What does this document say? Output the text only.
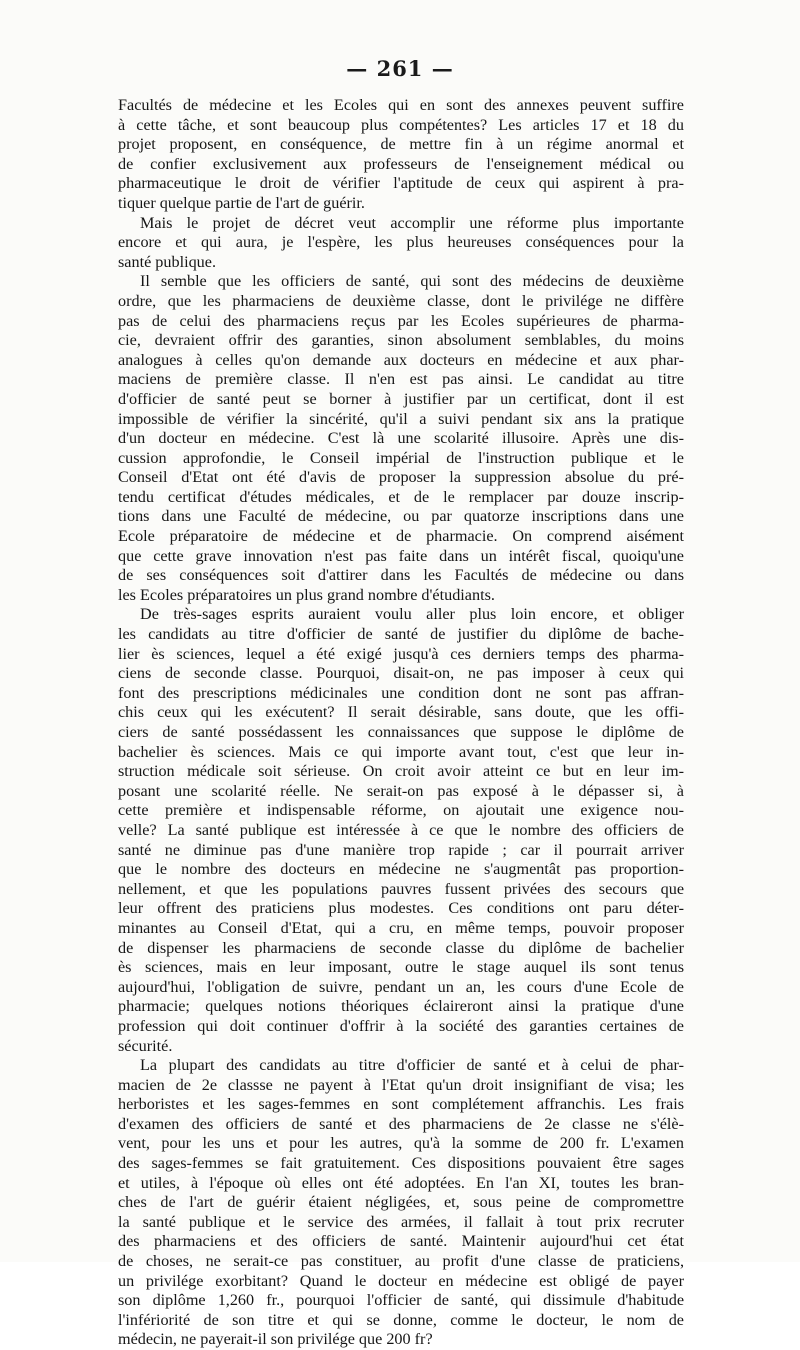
— 261 —
Facultés de médecine et les Ecoles qui en sont des annexes peuvent suffire
à cette tâche, et sont beaucoup plus compétentes? Les articles 17 et 18 du
projet proposent, en conséquence, de mettre fin à un régime anormal et
de confier exclusivement aux professeurs de l'enseignement médical ou
pharmaceutique le droit de vérifier l'aptitude de ceux qui aspirent à pra-
tiquer quelque partie de l'art de guérir.
Mais le projet de décret veut accomplir une réforme plus importante
encore et qui aura, je l'espère, les plus heureuses conséquences pour la
santé publique.
Il semble que les officiers de santé, qui sont des médecins de deuxième
ordre, que les pharmaciens de deuxième classe, dont le privilége ne diffère
pas de celui des pharmaciens reçus par les Ecoles supérieures de pharma-
cie, devraient offrir des garanties, sinon absolument semblables, du moins
analogues à celles qu'on demande aux docteurs en médecine et aux phar-
maciens de première classe. Il n'en est pas ainsi. Le candidat au titre
d'officier de santé peut se borner à justifier par un certificat, dont il est
impossible de vérifier la sincérité, qu'il a suivi pendant six ans la pratique
d'un docteur en médecine. C'est là une scolarité illusoire. Après une dis-
cussion approfondie, le Conseil impérial de l'instruction publique et le
Conseil d'Etat ont été d'avis de proposer la suppression absolue du pré-
tendu certificat d'études médicales, et de le remplacer par douze inscrip-
tions dans une Faculté de médecine, ou par quatorze inscriptions dans une
Ecole préparatoire de médecine et de pharmacie. On comprend aisément
que cette grave innovation n'est pas faite dans un intérêt fiscal, quoiqu'une
de ses conséquences soit d'attirer dans les Facultés de médecine ou dans
les Ecoles préparatoires un plus grand nombre d'étudiants.
De très-sages esprits auraient voulu aller plus loin encore, et obliger
les candidats au titre d'officier de santé de justifier du diplôme de bache-
lier ès sciences, lequel a été exigé jusqu'à ces derniers temps des pharma-
ciens de seconde classe. Pourquoi, disait-on, ne pas imposer à ceux qui
font des prescriptions médicinales une condition dont ne sont pas affran-
chis ceux qui les exécutent? Il serait désirable, sans doute, que les offi-
ciers de santé possédassent les connaissances que suppose le diplôme de
bachelier ès sciences. Mais ce qui importe avant tout, c'est que leur in-
struction médicale soit sérieuse. On croit avoir atteint ce but en leur im-
posant une scolarité réelle. Ne serait-on pas exposé à le dépasser si, à
cette première et indispensable réforme, on ajoutait une exigence nou-
velle? La santé publique est intéressée à ce que le nombre des officiers de
santé ne diminue pas d'une manière trop rapide ; car il pourrait arriver
que le nombre des docteurs en médecine ne s'augmentât pas proportion-
nellement, et que les populations pauvres fussent privées des secours que
leur offrent des praticiens plus modestes. Ces conditions ont paru déter-
minantes au Conseil d'Etat, qui a cru, en même temps, pouvoir proposer
de dispenser les pharmaciens de seconde classe du diplôme de bachelier
ès sciences, mais en leur imposant, outre le stage auquel ils sont tenus
aujourd'hui, l'obligation de suivre, pendant un an, les cours d'une Ecole de
pharmacie; quelques notions théoriques éclaireront ainsi la pratique d'une
profession qui doit continuer d'offrir à la société des garanties certaines de
sécurité.
La plupart des candidats au titre d'officier de santé et à celui de phar-
macien de 2e classse ne payent à l'Etat qu'un droit insignifiant de visa; les
herboristes et les sages-femmes en sont complétement affranchis. Les frais
d'examen des officiers de santé et des pharmaciens de 2e classe ne s'élè-
vent, pour les uns et pour les autres, qu'à la somme de 200 fr. L'examen
des sages-femmes se fait gratuitement. Ces dispositions pouvaient être sages
et utiles, à l'époque où elles ont été adoptées. En l'an XI, toutes les bran-
ches de l'art de guérir étaient négligées, et, sous peine de compromettre
la santé publique et le service des armées, il fallait à tout prix recruter
des pharmaciens et des officiers de santé. Maintenir aujourd'hui cet état
de choses, ne serait-ce pas constituer, au profit d'une classe de praticiens,
un privilége exorbitant? Quand le docteur en médecine est obligé de payer
son diplôme 1,260 fr., pourquoi l'officier de santé, qui dissimule d'habitude
l'infériorité de son titre et qui se donne, comme le docteur, le nom de
médecin, ne payerait-il son privilége que 200 fr?
